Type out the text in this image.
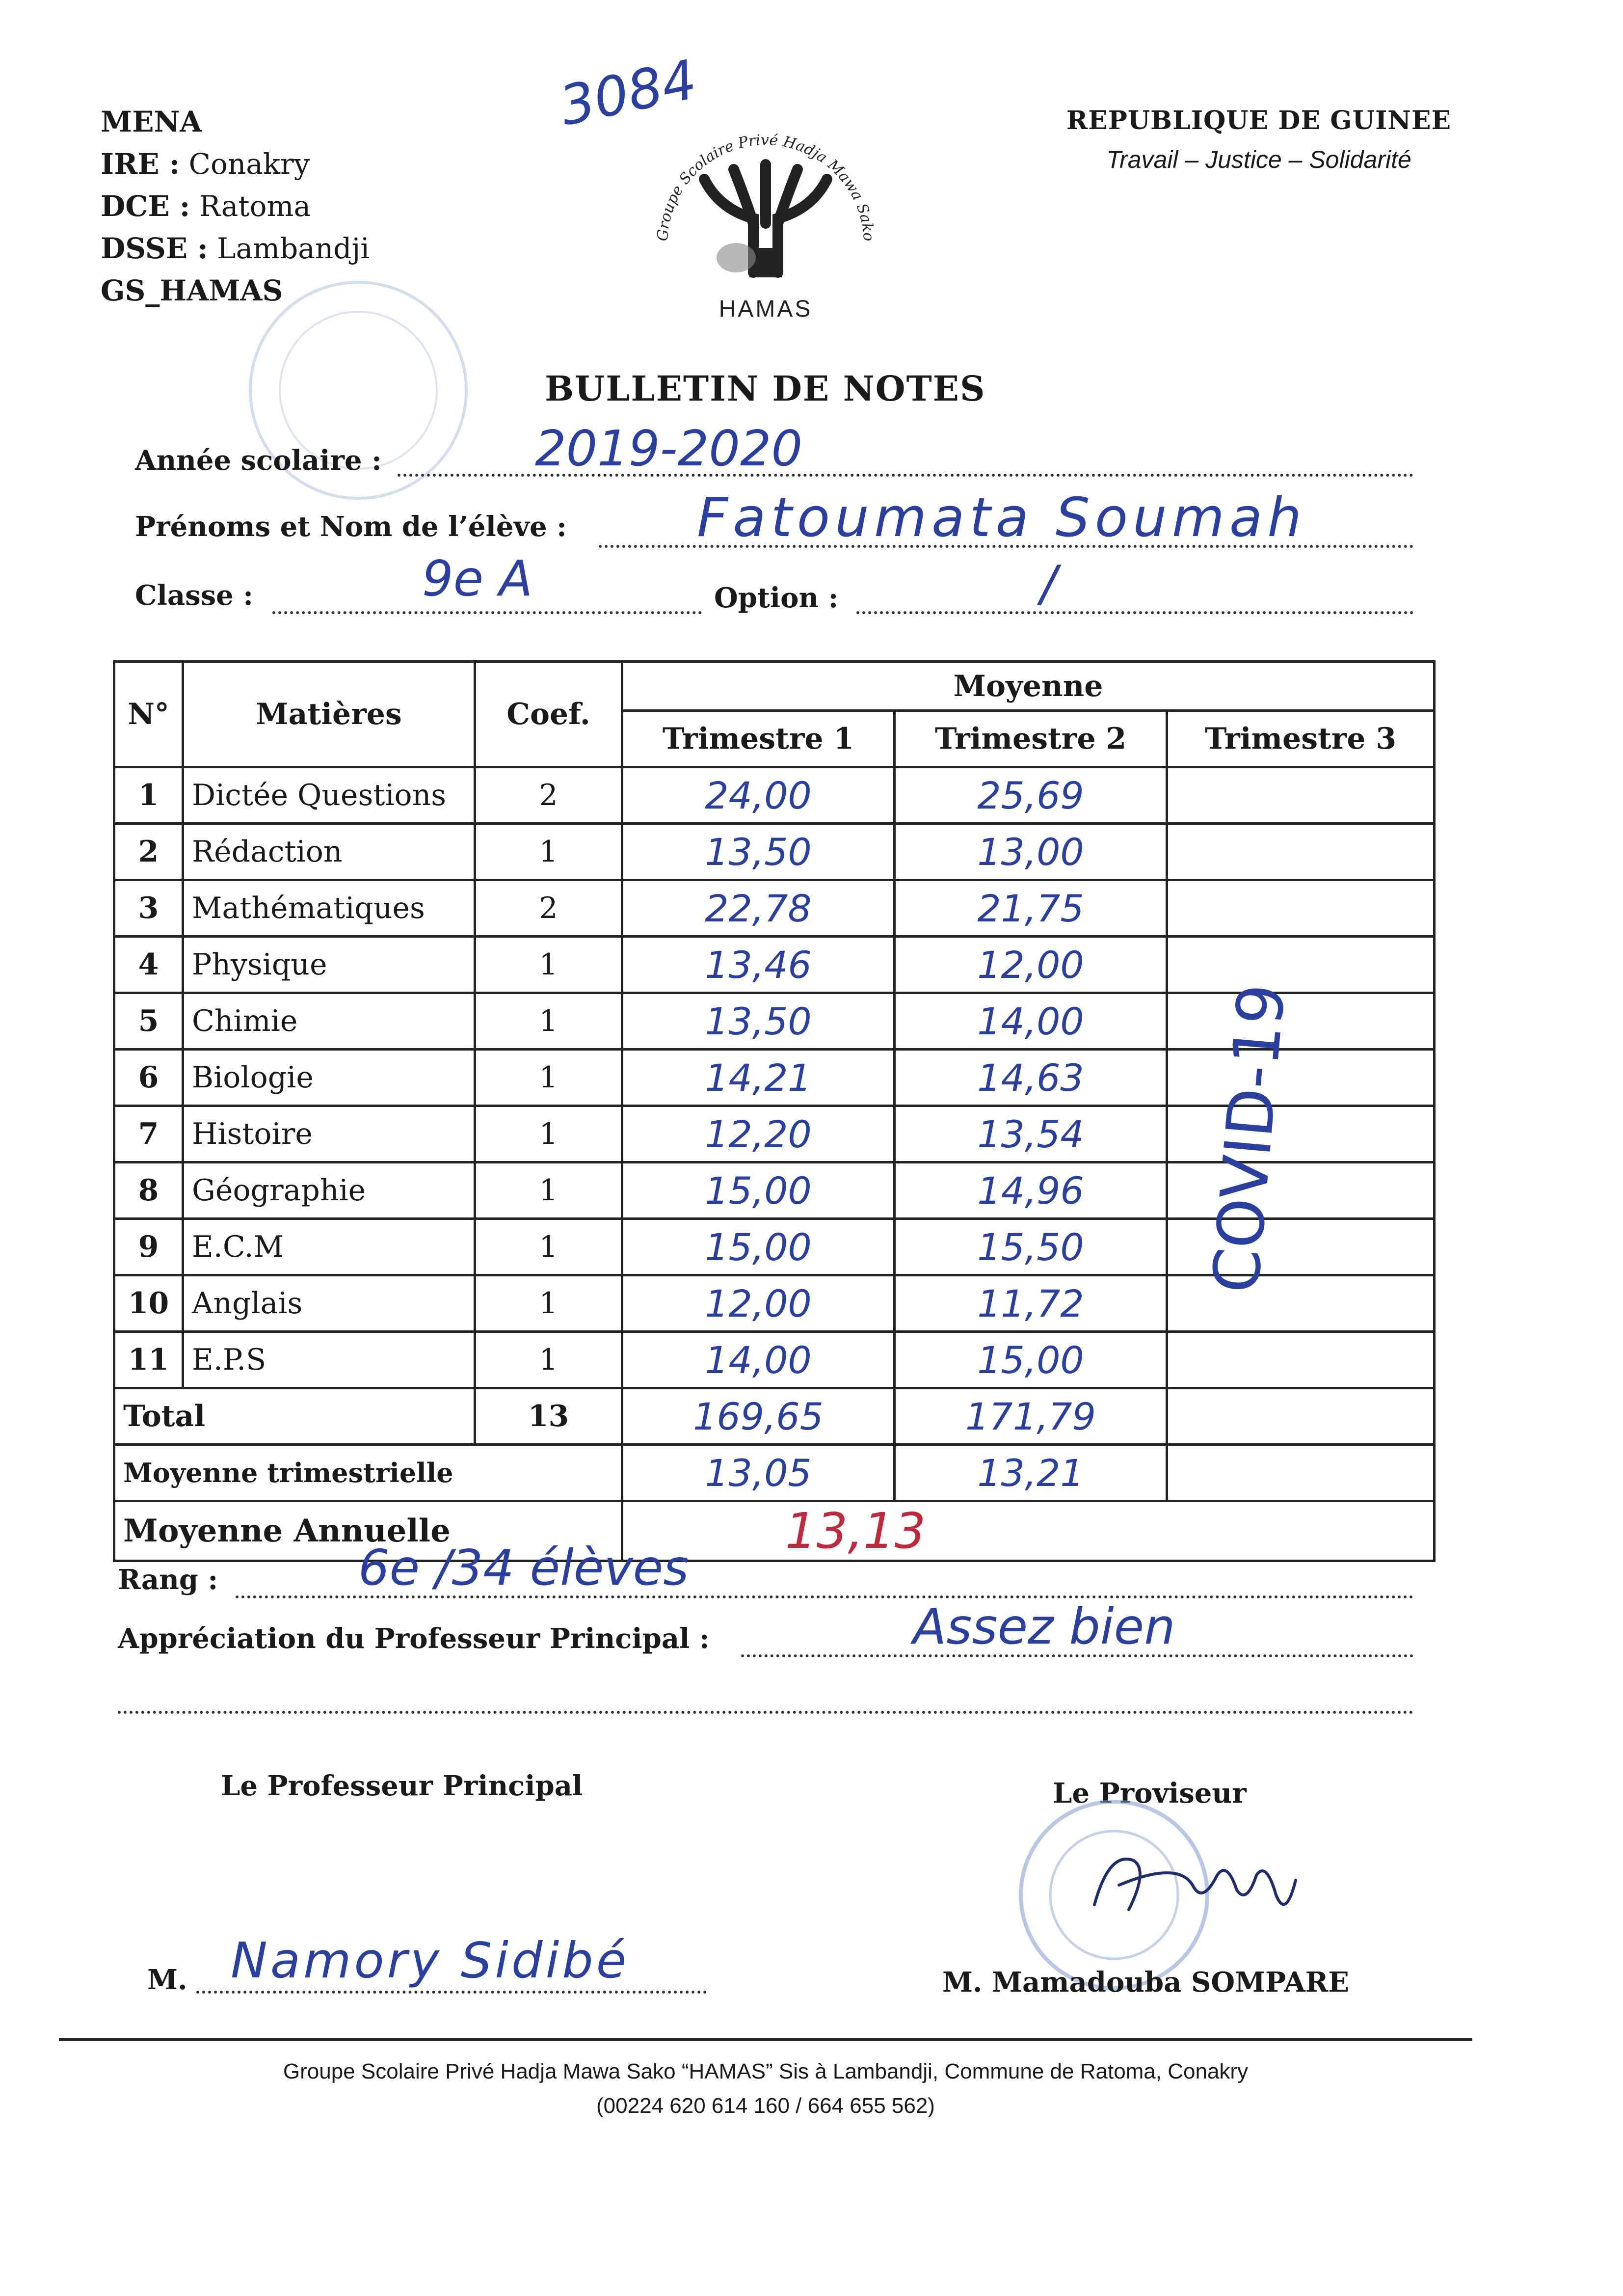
3084
MENA
IRE : Conakry
DCE : Ratoma
DSSE : Lambandji
GS_HAMAS
Groupe Scolaire Privé Hadja Mawa Sako
HAMAS
REPUBLIQUE DE GUINEE
Travail – Justice – Solidarité
BULLETIN DE NOTES
Année scolaire :	2019-2020
Prénoms et Nom de l’élève : Fatoumata Soumah
Classe :	9e A	Option :	/
N°	Matières	Coef.	Moyenne		
			Trimestre 1	Trimestre 2	Trimestre 3
1	Dictée Questions	2	24,00	25,69	
2	Rédaction	1	13,50	13,00	
3	Mathématiques	2	22,78	21,75	
4	Physique	1	13,46	12,00	
5	Chimie	1	13,50	14,00	
6	Biologie	1	14,21	14,63	
7	Histoire	1	12,20	13,54	
8	Géographie	1	15,00	14,96	
9	E.C.M	1	15,00	15,50	
10	Anglais	1	12,00	11,72	
11	E.P.S	1	14,00	15,00	
Total		13	169,65	171,79	
Moyenne trimestrielle			13,05	13,21	
Moyenne Annuelle			13,13		
COVID-19
Rang :	6e /34 élèves
Appréciation du Professeur Principal :	Assez bien
Le Professeur Principal	Le Proviseur
M. Namory Sidibé	M. Mamadouba SOMPARE
Groupe Scolaire Privé Hadja Mawa Sako “HAMAS” Sis à Lambandji, Commune de Ratoma, Conakry
(00224 620 614 160 / 664 655 562)
